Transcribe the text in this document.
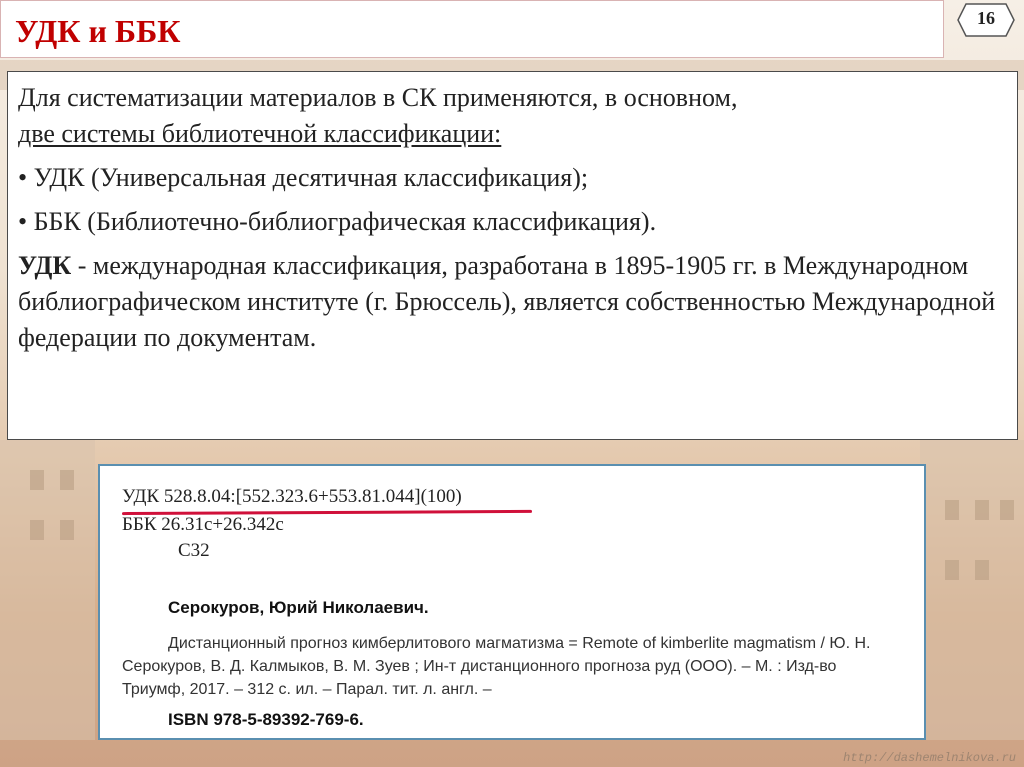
УДК и ББК	16

Для систематизации материалов в СК применяются, в основном,
две системы библиотечной классификации:

• УДК (Универсальная десятичная классификация);

• ББК (Библиотечно-библиографическая классификация).

УДК - международная классификация, разработана в 1895-1905 гг. в Международном библиографическом институте (г. Брюссель), является собственностью Международной федерации по документам.

УДК 528.8.04:[552.323.6+553.81.044](100)
ББК 26.31с+26.342с
С32
Серокуров, Юрий Николаевич.
Дистанционный прогноз кимберлитового магматизма = Remote of kimberlite magmatism / Ю. Н. Серокуров, В. Д. Калмыков, В. М. Зуев ; Ин-т дистанционного прогноза руд (ООО). – М. : Изд-во Триумф, 2017. – 312 с. ил. – Парал. тит. л. англ. –
ISBN 978-5-89392-769-6.
http://dashemelnikova.ru
